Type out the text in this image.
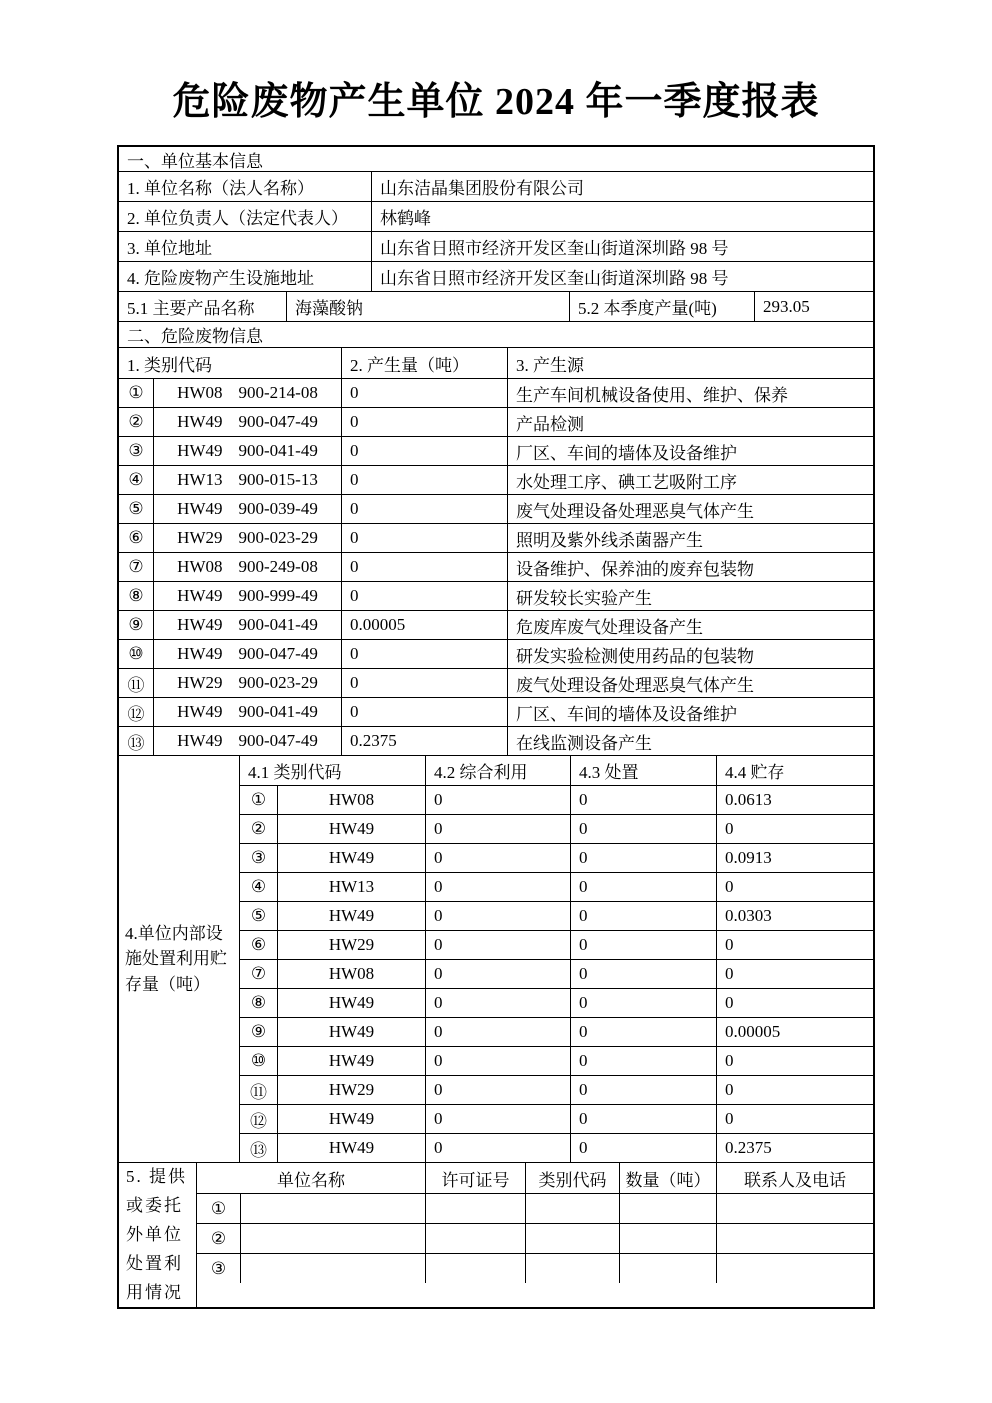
危险废物产生单位 2024 年一季度报表
一、单位基本信息
1. 单位名称（法人名称）	山东洁晶集团股份有限公司
2. 单位负责人（法定代表人）	林鹤峰
3. 单位地址	山东省日照市经济开发区奎山街道深圳路 98 号
4. 危险废物产生设施地址	山东省日照市经济开发区奎山街道深圳路 98 号
5.1 主要产品名称	海藻酸钠	5.2 本季度产量(吨)	293.05
二、危险废物信息
1. 类别代码	2. 产生量（吨）	3. 产生源
①	HW08 900-214-08	0	生产车间机械设备使用、维护、保养
②	HW49 900-047-49	0	产品检测
③	HW49 900-041-49	0	厂区、车间的墙体及设备维护
④	HW13 900-015-13	0	水处理工序、碘工艺吸附工序
⑤	HW49 900-039-49	0	废气处理设备处理恶臭气体产生
⑥	HW29 900-023-29	0	照明及紫外线杀菌器产生
⑦	HW08 900-249-08	0	设备维护、保养油的废弃包装物
⑧	HW49 900-999-49	0	研发较长实验产生
⑨	HW49 900-041-49	0.00005	危废库废气处理设备产生
⑩	HW49 900-047-49	0	研发实验检测使用药品的包装物
⑪	HW29 900-023-29	0	废气处理设备处理恶臭气体产生
⑫	HW49 900-041-49	0	厂区、车间的墙体及设备维护
⑬	HW49 900-047-49	0.2375	在线监测设备产生
4.单位内部设施处置利用贮存量（吨）
4.1 类别代码	4.2 综合利用	4.3 处置	4.4 贮存
①	HW08	0	0	0.0613
②	HW49	0	0	0
③	HW49	0	0	0.0913
④	HW13	0	0	0
⑤	HW49	0	0	0.0303
⑥	HW29	0	0	0
⑦	HW08	0	0	0
⑧	HW49	0	0	0
⑨	HW49	0	0	0.00005
⑩	HW49	0	0	0
⑪	HW29	0	0	0
⑫	HW49	0	0	0
⑬	HW49	0	0	0.2375
5. 提供或委托外单位处置利用情况
单位名称	许可证号	类别代码	数量（吨）	联系人及电话
①
②
③
